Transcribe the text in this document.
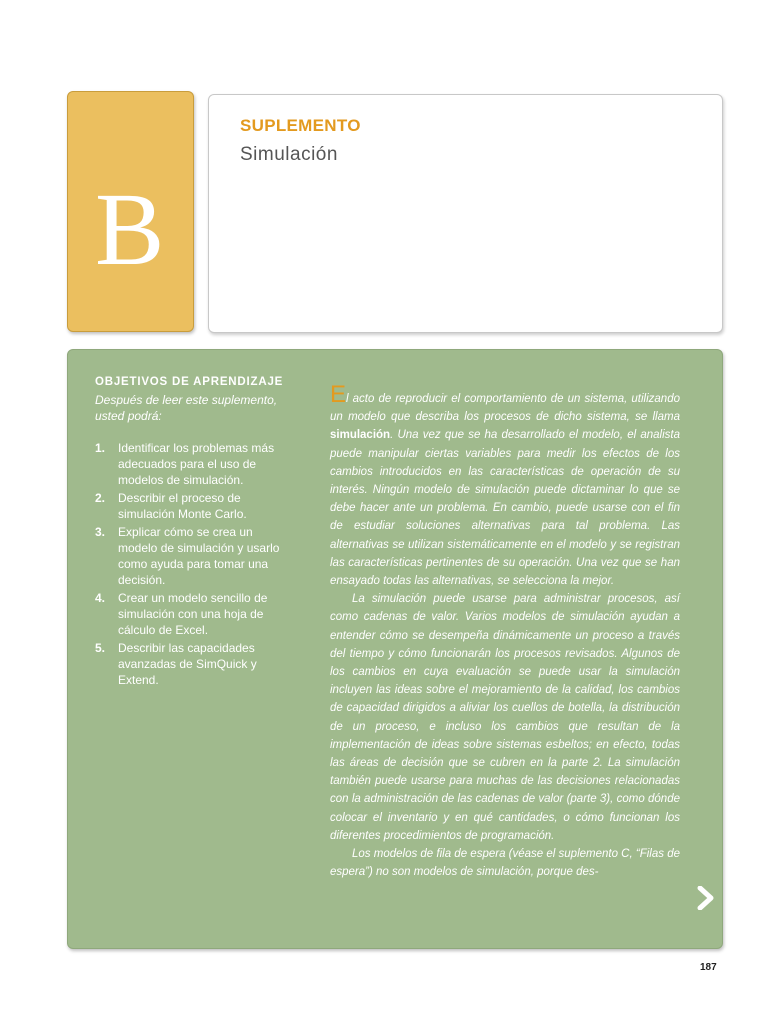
B
SUPLEMENTO
Simulación

OBJETIVOS DE APRENDIZAJE

Después de leer este suplemento, usted podrá:

1. Identificar los problemas más adecuados para el uso de modelos de simulación.
2. Describir el proceso de simulación Monte Carlo.
3. Explicar cómo se crea un modelo de simulación y usarlo como ayuda para tomar una decisión.
4. Crear un modelo sencillo de simulación con una hoja de cálculo de Excel.
5. Describir las capacidades avanzadas de SimQuick y Extend.

El acto de reproducir el comportamiento de un sistema, utilizando un modelo que describa los procesos de dicho sistema, se llama simulación. Una vez que se ha desarrollado el modelo, el analista puede manipular ciertas variables para medir los efectos de los cambios introducidos en las características de operación de su interés. Ningún modelo de simulación puede dictaminar lo que se debe hacer ante un problema. En cambio, puede usarse con el fin de estudiar soluciones alternativas para tal problema. Las alternativas se utilizan sistemáticamente en el modelo y se registran las características pertinentes de su operación. Una vez que se han ensayado todas las alternativas, se selecciona la mejor.

La simulación puede usarse para administrar procesos, así como cadenas de valor. Varios modelos de simulación ayudan a entender cómo se desempeña dinámicamente un proceso a través del tiempo y cómo funcionarán los procesos revisados. Algunos de los cambios en cuya evaluación se puede usar la simulación incluyen las ideas sobre el mejoramiento de la calidad, los cambios de capacidad dirigidos a aliviar los cuellos de botella, la distribución de un proceso, e incluso los cambios que resultan de la implementación de ideas sobre sistemas esbeltos; en efecto, todas las áreas de decisión que se cubren en la parte 2. La simulación también puede usarse para muchas de las decisiones relacionadas con la administración de las cadenas de valor (parte 3), como dónde colocar el inventario y en qué cantidades, o cómo funcionan los diferentes procedimientos de programación.

Los modelos de fila de espera (véase el suplemento C, “Filas de espera”) no son modelos de simulación, porque des-

187
